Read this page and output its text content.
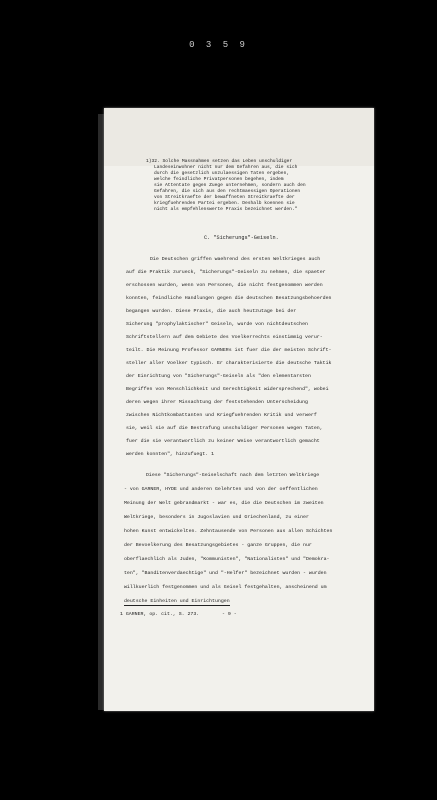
0 3 5 9
1)32. Solche Massnahmen setzen das Leben unschuldiger
Landeseinwohner nicht nur dem Gefahren aus, die sich
durch die gesetzlich unzulaessigen Taten ergeben,
welche feindliche Privatpersonen begehen, indem
sie Attentate gegen Zuege unternehmen, sondern auch den
Gefahren, die sich aus den rechtmaessigen Operationen
von Streitkraefte der bewaffneten Streitkraefte der
kriegfuehrenden Partei ergeben. Deshalb koennen sie
nicht als empfehlenswerte Praxis bezeichnet werden."
C. "Sicherungs"-Geiseln.
Die Deutschen griffen waehrend des ersten Weltkrieges auch
auf die Praktik zurueck, "Sicherungs"-Geiseln zu nehmen, die spaeter
erschossen wurden, wenn von Personen, die nicht festgenommen werden
konnten, feindliche Handlungen gegen die deutschen Besatzungsbehoerden
begangen wurden. Diese Praxis, die auch heutzutage bei der
Sicherung "prophylaktischer" Geiseln, wurde von nichtdeutschen
Schriftstellern auf dem Gebiete des Voelkerrechts einstimmig verur-
teilt. Die Meinung Professor GARNERs ist fuer die der meisten Schrift-
steller aller Voelker typisch. Er charakterisierte die deutsche Taktik
der Einrichtung von "Sicherungs"-Geiseln als "den elementarsten
Begriffen von Menschlichkeit und Gerechtigkeit widersprechend", wobei
deren wegen ihrer Missachtung der feststehenden Unterscheidung
zwischen Nichtkombattanten und Kriegfuehrenden Kritik und verwerf
sie, weil sie auf die Bestrafung unschuldiger Personen wegen Taten,
fuer die sie verantwortlich zu keiner Weise verantwortlich gemacht
werden konnten", hinzufuegt. 1
Diese "Sicherungs"-Geiselschaft nach dem letzten Weltkriege
- von GARNER, HYDE und anderen Gelehrten und von der oeffentlichen
Meinung der Welt gebrandmarkt - war es, die die Deutschen im zweiten
Weltkriege, besonders in Jugoslavien und Griechenland, zu einer
hohen Kunst entwickelten. Zehntausende von Personen aus allen Schichten
der Bevoelkerung des Besatzungsgebietes - ganze Gruppen, die nur
oberflaechlich als Juden, "Kommunisten", "Nationalisten" und "Demokra-
ten", "Banditenverdaechtige" und "-Helfer" bezeichnet wurden - wurden
willkuerlich festgenommen und als Geisel festgehalten, anscheinend um
deutsche Einheiten und Einrichtungen
1 GARNER, op. cit., S. 273.	- 9 -
